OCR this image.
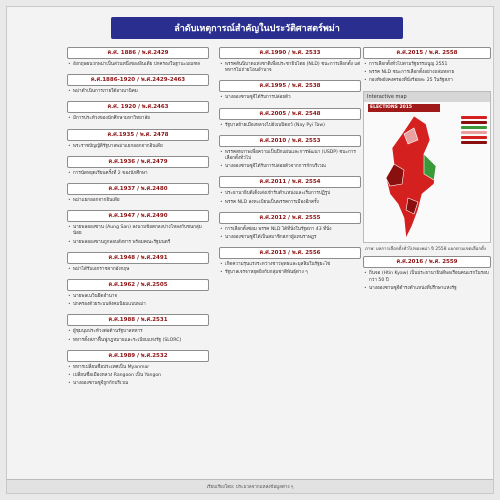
ลำดับเหตุการณ์สำคัญในประวัติศาสตร์พม่า
ค.ศ. 1886 / พ.ศ.2429
• อังกฤษผนวกพม่าเป็นส่วนหนึ่งของอินเดีย ปกครองในฐานะมณฑล
ค.ศ.1886-1920 / พ.ศ.2429-2463
• พม่าดำเนินการภายใต้อาณานิคม
ค.ศ. 1920 / พ.ศ.2463
• มีการประท้วงของนักศึกษามหาวิทยาลัย
ค.ศ.1935 / พ.ศ. 2478
• พระราชบัญญัติรัฐบาลพม่าแยกออกจากอินเดีย
ค.ศ.1936 / พ.ศ.2479
• การนัดหยุดเรียนครั้งที่ 2 ของนักศึกษา
ค.ศ.1937 / พ.ศ.2480
• พม่าแยกออกจากอินเดีย
ค.ศ.1947 / พ.ศ.2490
• นายพลอองซาน (Aung San) ลงนามข้อตกลงปางโหลงกับชนกลุ่มน้อย
• นายพลอองซานถูกลอบสังหาร พร้อมคณะรัฐมนตรี
ค.ศ.1948 / พ.ศ.2491
• พม่าได้รับเอกราชจากอังกฤษ
ค.ศ.1962 / พ.ศ.2505
• นายพลเนวินยึดอำนาจ
• ปกครองด้วยระบบสังคมนิยมแบบพม่า
ค.ศ.1988 / พ.ศ.2531
• ผู้ชุมนุมประท้วงต่อต้านรัฐบาลทหาร
• ทหารตั้งสภาฟื้นฟูกฎหมายและระเบียบแห่งรัฐ (SLORC)
ค.ศ.1989 / พ.ศ.2532
• ทหารเปลี่ยนชื่อประเทศเป็น Myanmar
• เปลี่ยนชื่อเมืองหลวง Rangoon เป็น Yangon
• นางอองซานซูจีถูกกักบริเวณ
ค.ศ.1990 / พ.ศ. 2533
• พรรคสันนิบาตแห่งชาติเพื่อประชาธิปไตย (NLD) ชนะการเลือกตั้ง แต่ทหารไม่ถ่ายโอนอำนาจ
ค.ศ.1995 / พ.ศ. 2538
• นางอองซานซูจีได้รับการปล่อยตัว
ค.ศ.2005 / พ.ศ. 2548
• รัฐบาลย้ายเมืองหลวงไปยังเนปิดอว์ (Nay Pyi Taw)
ค.ศ.2010 / พ.ศ. 2553
• พรรคสหภาพเพื่อความเป็นปึกแผ่นและการพัฒนา (USDP) ชนะการเลือกตั้งทั่วไป
• นางอองซานซูจีได้รับการปล่อยตัวจากการกักบริเวณ
ค.ศ.2011 / พ.ศ. 2554
• ประธานาธิบดีเต็งเส่งเข้ารับตำแหน่งและเริ่มการปฏิรูป
• พรรค NLD ลงทะเบียนเป็นพรรคการเมืองอีกครั้ง
ค.ศ.2012 / พ.ศ. 2555
• การเลือกตั้งซ่อม พรรค NLD ได้ที่นั่งในรัฐสภา 43 ที่นั่ง
• นางอองซานซูจีได้เป็นสมาชิกสภาผู้แทนราษฎร
ค.ศ.2013 / พ.ศ. 2556
• เกิดความรุนแรงระหว่างชาวพุทธและมุสลิมในรัฐยะไข่
• รัฐบาลเจรจาหยุดยิงกับกลุ่มชาติพันธุ์ต่าง ๆ
ค.ศ.2015 / พ.ศ. 2558
• การเลือกตั้งทั่วไปตามรัฐธรรมนูญ 2551
• พรรค NLD ชนะการเลือกตั้งอย่างถล่มทลาย
• กองทัพยังคงครองที่นั่งร้อยละ 25 ในรัฐสภา
Interactive map
ELECTIONS 2015
ภาพ: ผลการเลือกตั้งทั่วไปของพม่า ปี 2558 แยกตามเขตเลือกตั้ง
ค.ศ.2016 / พ.ศ. 2559
• ถิ่นจอ (Htin Kyaw) เป็นประธานาธิบดีพลเรือนคนแรกในรอบกว่า 50 ปี
• นางอองซานซูจีดำรงตำแหน่งที่ปรึกษาแห่งรัฐ
เรียบเรียงโดย: ประมวลจากแหล่งข้อมูลต่าง ๆ
